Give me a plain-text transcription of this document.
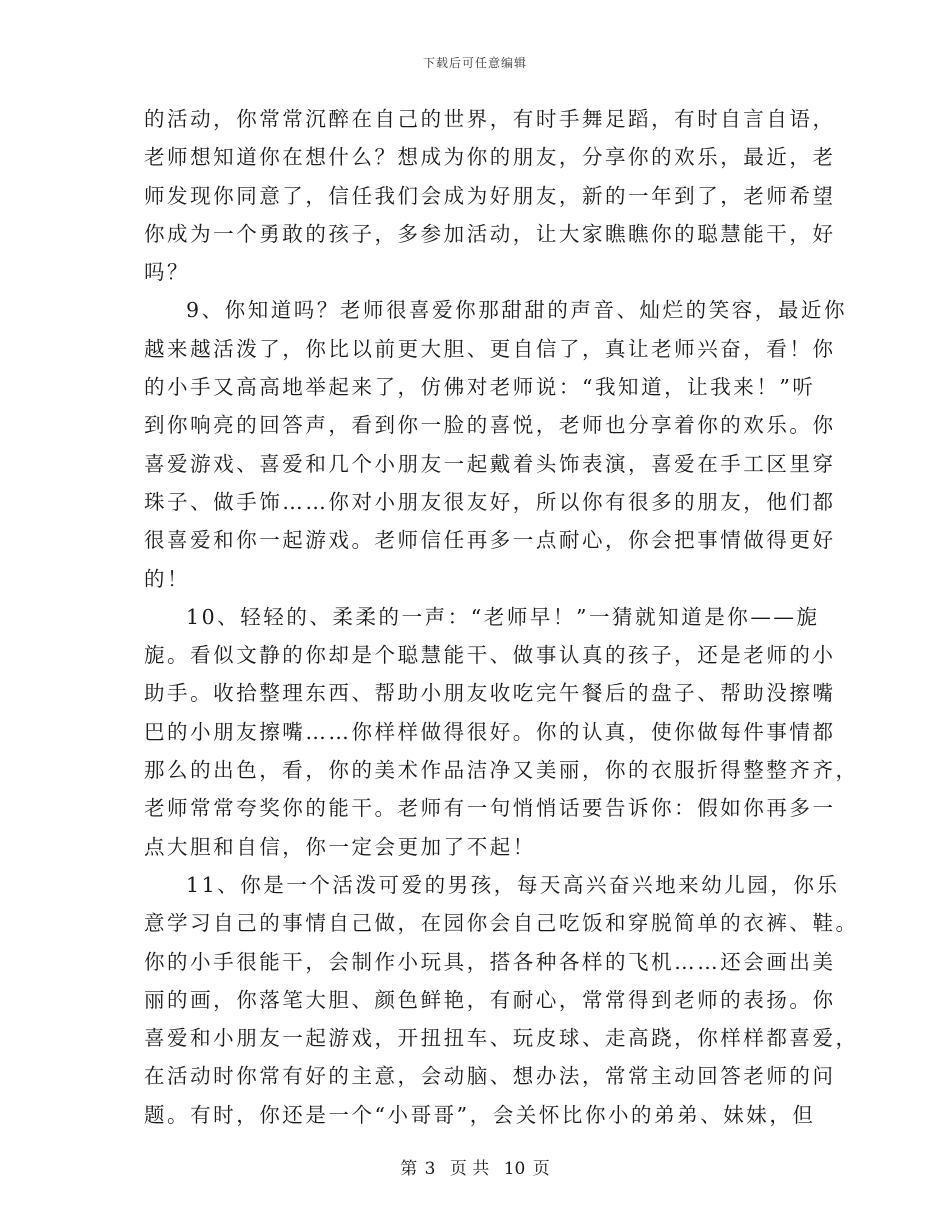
下载后可任意编辑
的活动，你常常沉醉在自己的世界，有时手舞足蹈，有时自言自语，
老师想知道你在想什么？想成为你的朋友，分享你的欢乐，最近，老
师发现你同意了，信任我们会成为好朋友，新的一年到了，老师希望
你成为一个勇敢的孩子，多参加活动，让大家瞧瞧你的聪慧能干，好
吗？
9、你知道吗？老师很喜爱你那甜甜的声音、灿烂的笑容，最近你
越来越活泼了，你比以前更大胆、更自信了，真让老师兴奋，看！你
的小手又高高地举起来了，仿佛对老师说：“我知道，让我来！”听
到你响亮的回答声，看到你一脸的喜悦，老师也分享着你的欢乐。你
喜爱游戏、喜爱和几个小朋友一起戴着头饰表演，喜爱在手工区里穿
珠子、做手饰……你对小朋友很友好，所以你有很多的朋友，他们都
很喜爱和你一起游戏。老师信任再多一点耐心，你会把事情做得更好
的！
10、轻轻的、柔柔的一声：“老师早！”一猜就知道是你——旎
旎。看似文静的你却是个聪慧能干、做事认真的孩子，还是老师的小
助手。收拾整理东西、帮助小朋友收吃完午餐后的盘子、帮助没擦嘴
巴的小朋友擦嘴……你样样做得很好。你的认真，使你做每件事情都
那么的出色，看，你的美术作品洁净又美丽，你的衣服折得整整齐齐，
老师常常夸奖你的能干。老师有一句悄悄话要告诉你：假如你再多一
点大胆和自信，你一定会更加了不起！
11、你是一个活泼可爱的男孩，每天高兴奋兴地来幼儿园，你乐
意学习自己的事情自己做，在园你会自己吃饭和穿脱简单的衣裤、鞋。
你的小手很能干，会制作小玩具，搭各种各样的飞机……还会画出美
丽的画，你落笔大胆、颜色鲜艳，有耐心，常常得到老师的表扬。你
喜爱和小朋友一起游戏，开扭扭车、玩皮球、走高跷，你样样都喜爱，
在活动时你常有好的主意，会动脑、想办法，常常主动回答老师的问
题。有时，你还是一个“小哥哥”，会关怀比你小的弟弟、妹妹，但
第 3 页 共 10 页
